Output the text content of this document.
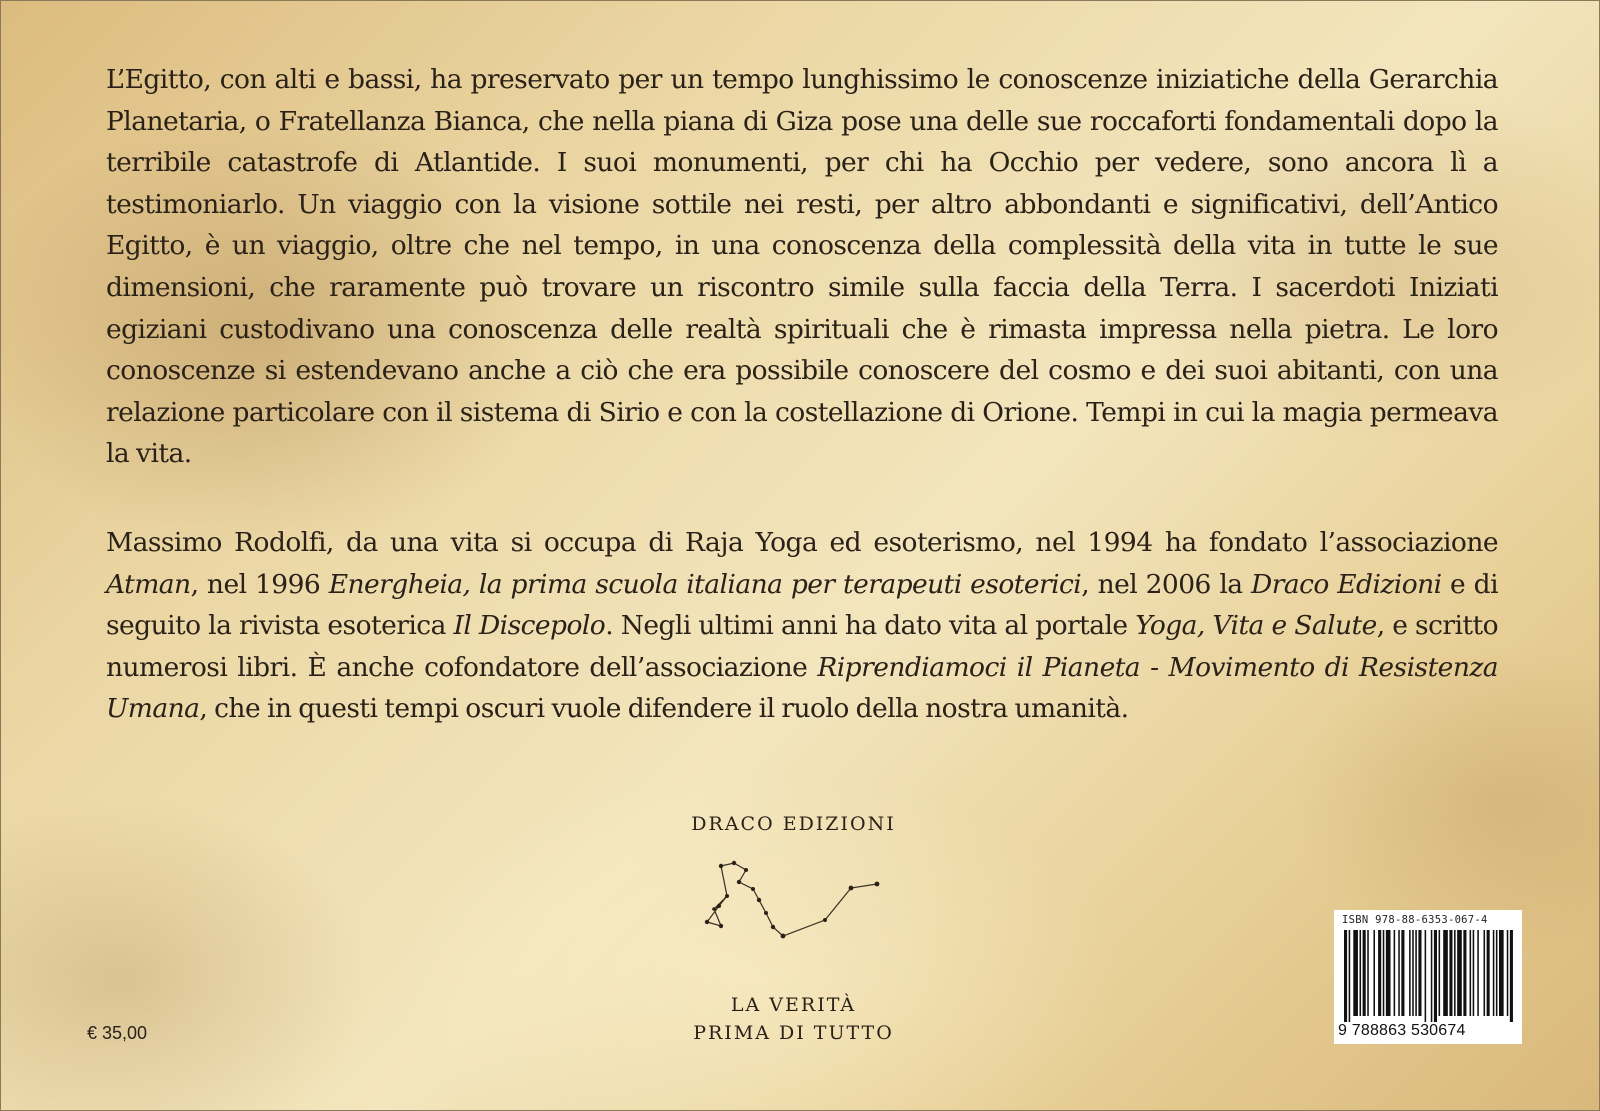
L’Egitto, con alti e bassi, ha preservato per un tempo lunghissimo le conoscenze iniziatiche della Gerarchia Planetaria, o Fratellanza Bianca, che nella piana di Giza pose una delle sue roccaforti fondamentali dopo la terribile catastrofe di Atlantide. I suoi monumenti, per chi ha Occhio per vedere, sono ancora lì a testimoniarlo. Un viaggio con la visione sottile nei resti, per altro abbondanti e significativi, dell’Antico Egitto, è un viaggio, oltre che nel tempo, in una conoscenza della complessità della vita in tutte le sue dimensioni, che raramente può trovare un riscontro simile sulla faccia della Terra. I sacerdoti Iniziati egiziani custodivano una conoscenza delle realtà spirituali che è rimasta impressa nella pietra. Le loro conoscenze si estendevano anche a ciò che era possibile conoscere del cosmo e dei suoi abitanti, con una relazione particolare con il sistema di Sirio e con la costellazione di Orione. Tempi in cui la magia permeava la vita.

Massimo Rodolfi, da una vita si occupa di Raja Yoga ed esoterismo, nel 1994 ha fondato l’associazione Atman, nel 1996 Energheia, la prima scuola italiana per terapeuti esoterici, nel 2006 la Draco Edizioni e di seguito la rivista esoterica Il Discepolo. Negli ultimi anni ha dato vita al portale Yoga, Vita e Salute, e scritto numerosi libri. È anche cofondatore dell’associazione Riprendiamoci il Pianeta - Movimento di Resistenza Umana, che in questi tempi oscuri vuole difendere il ruolo della nostra umanità.

DRACO EDIZIONI
LA VERITÀ
PRIMA DI TUTTO
€ 35,00
ISBN 978-88-6353-067-4
9 788863 530674
